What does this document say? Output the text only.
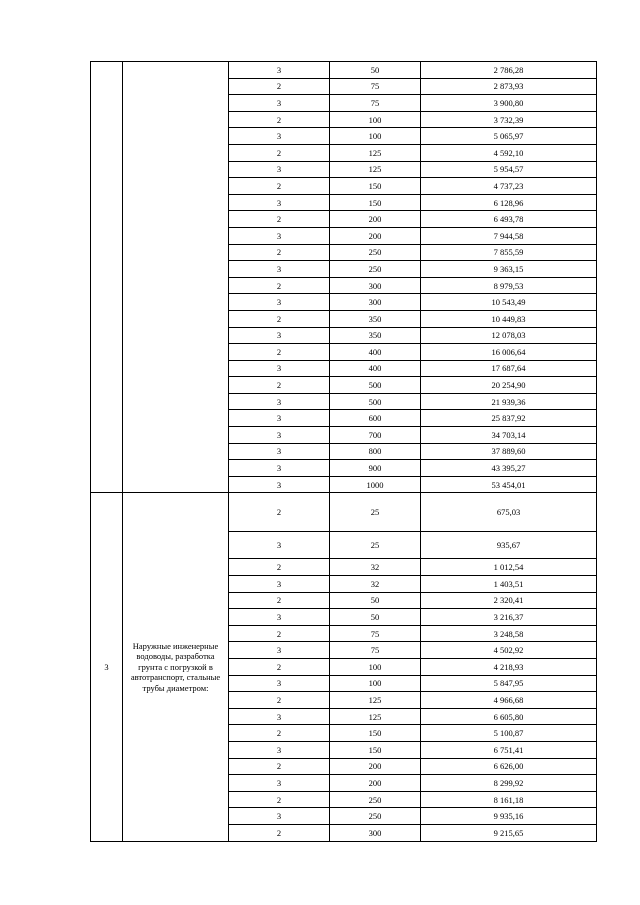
		3	50	2 786,28
		2	75	2 873,93
		3	75	3 900,80
		2	100	3 732,39
		3	100	5 065,97
		2	125	4 592,10
		3	125	5 954,57
		2	150	4 737,23
		3	150	6 128,96
		2	200	6 493,78
		3	200	7 944,58
		2	250	7 855,59
		3	250	9 363,15
		2	300	8 979,53
		3	300	10 543,49
		2	350	10 449,83
		3	350	12 078,03
		2	400	16 006,64
		3	400	17 687,64
		2	500	20 254,90
		3	500	21 939,36
		3	600	25 837,92
		3	700	34 703,14
		3	800	37 889,60
		3	900	43 395,27
		3	1000	53 454,01
3	Наружные инженерные водоводы, разработка грунта с погрузкой в автотранспорт, стальные трубы диаметром:	2	25	675,03
		3	25	935,67
		2	32	1 012,54
		3	32	1 403,51
		2	50	2 320,41
		3	50	3 216,37
		2	75	3 248,58
		3	75	4 502,92
		2	100	4 218,93
		3	100	5 847,95
		2	125	4 966,68
		3	125	6 605,80
		2	150	5 100,87
		3	150	6 751,41
		2	200	6 626,00
		3	200	8 299,92
		2	250	8 161,18
		3	250	9 935,16
		2	300	9 215,65
